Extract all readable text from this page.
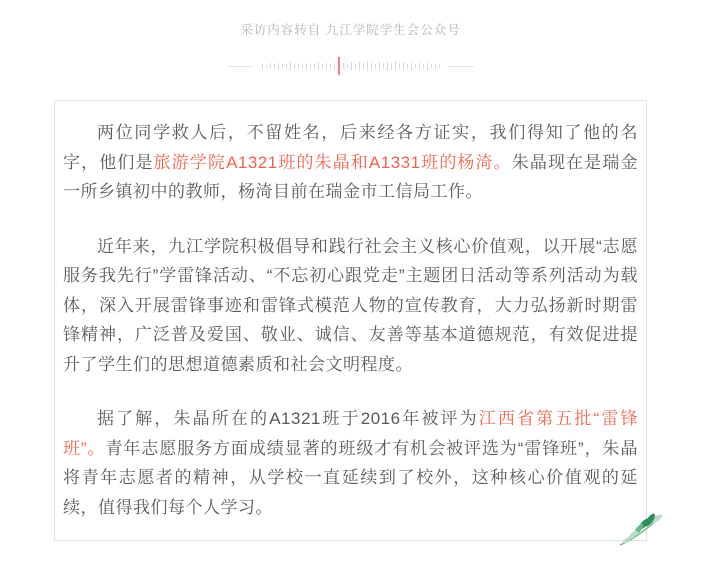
采访内容转自 九江学院学生会公众号

两位同学救人后，不留姓名，后来经各方证实，我们得知了他的名字，他们是旅游学院A1321班的朱晶和A1331班的杨渏。朱晶现在是瑞金一所乡镇初中的教师，杨渏目前在瑞金市工信局工作。

近年来，九江学院积极倡导和践行社会主义核心价值观，以开展“志愿服务我先行”学雷锋活动、“不忘初心跟党走”主题团日活动等系列活动为载体，深入开展雷锋事迹和雷锋式模范人物的宣传教育，大力弘扬新时期雷锋精神，广泛普及爱国、敬业、诚信、友善等基本道德规范，有效促进提升了学生们的思想道德素质和社会文明程度。

据了解，朱晶所在的A1321班于2016年被评为江西省第五批“雷锋班”。青年志愿服务方面成绩显著的班级才有机会被评选为“雷锋班”，朱晶将青年志愿者的精神，从学校一直延续到了校外，这种核心价值观的延续，值得我们每个人学习。
